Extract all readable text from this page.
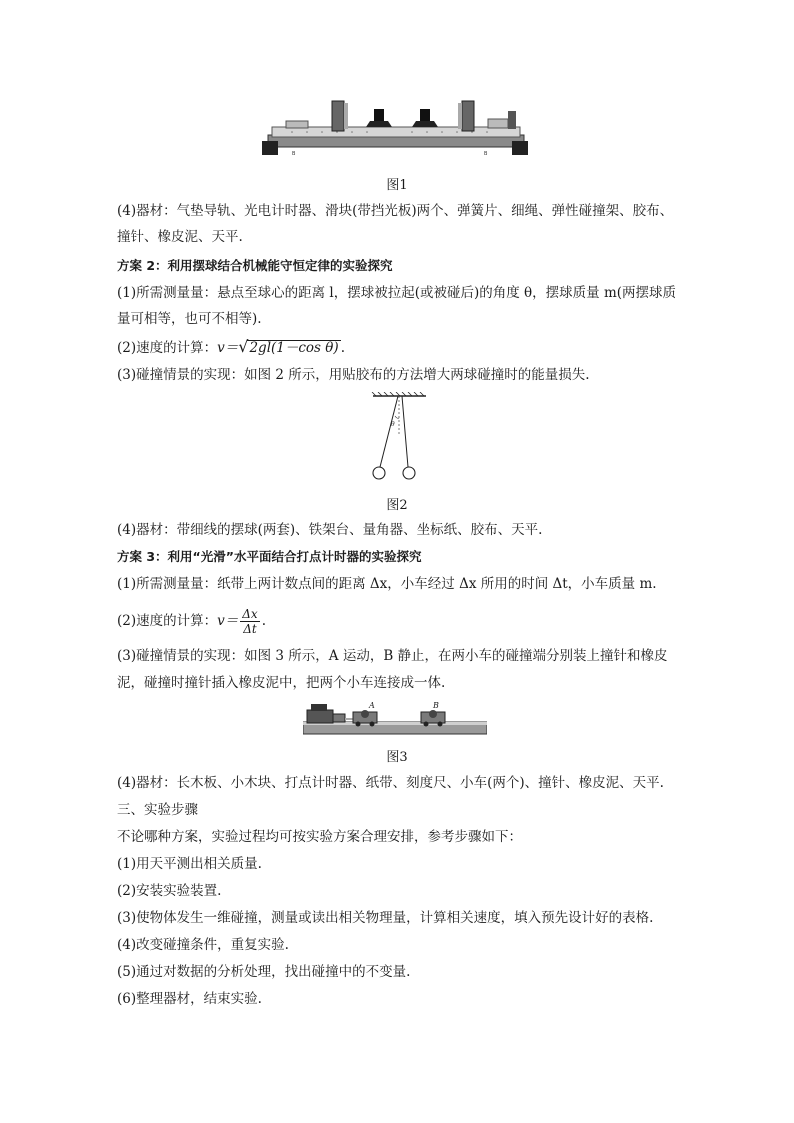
B	B
图1
(4)器材：气垫导轨、光电计时器、滑块(带挡光板)两个、弹簧片、细绳、弹性碰撞架、胶布、
撞针、橡皮泥、天平.
方案 2：利用摆球结合机械能守恒定律的实验探究
(1)所需测量量：悬点至球心的距离 l，摆球被拉起(或被碰后)的角度 θ，摆球质量 m(两摆球质
量可相等，也可不相等).
(2)速度的计算：v＝√2gl(1－cos θ) .
(3)碰撞情景的实现：如图 2 所示，用贴胶布的方法增大两球碰撞时的能量损失.
θ
图2
(4)器材：带细线的摆球(两套)、铁架台、量角器、坐标纸、胶布、天平.
方案 3：利用“光滑”水平面结合打点计时器的实验探究
(1)所需测量量：纸带上两计数点间的距离 Δx，小车经过 Δx 所用的时间 Δt，小车质量 m.
(2)速度的计算：$v= \frac{\Delta x}{\Delta t}$ .
(3)碰撞情景的实现：如图 3 所示，A 运动，B 静止，在两小车的碰撞端分别装上撞针和橡皮
泥，碰撞时撞针插入橡皮泥中，把两个小车连接成一体.
A	B
图3
(4)器材：长木板、小木块、打点计时器、纸带、刻度尺、小车(两个)、撞针、橡皮泥、天平.
三、实验步骤
不论哪种方案，实验过程均可按实验方案合理安排，参考步骤如下：
(1)用天平测出相关质量.
(2)安装实验装置.
(3)使物体发生一维碰撞，测量或读出相关物理量，计算相关速度，填入预先设计好的表格.
(4)改变碰撞条件，重复实验.
(5)通过对数据的分析处理，找出碰撞中的不变量.
(6)整理器材，结束实验.
